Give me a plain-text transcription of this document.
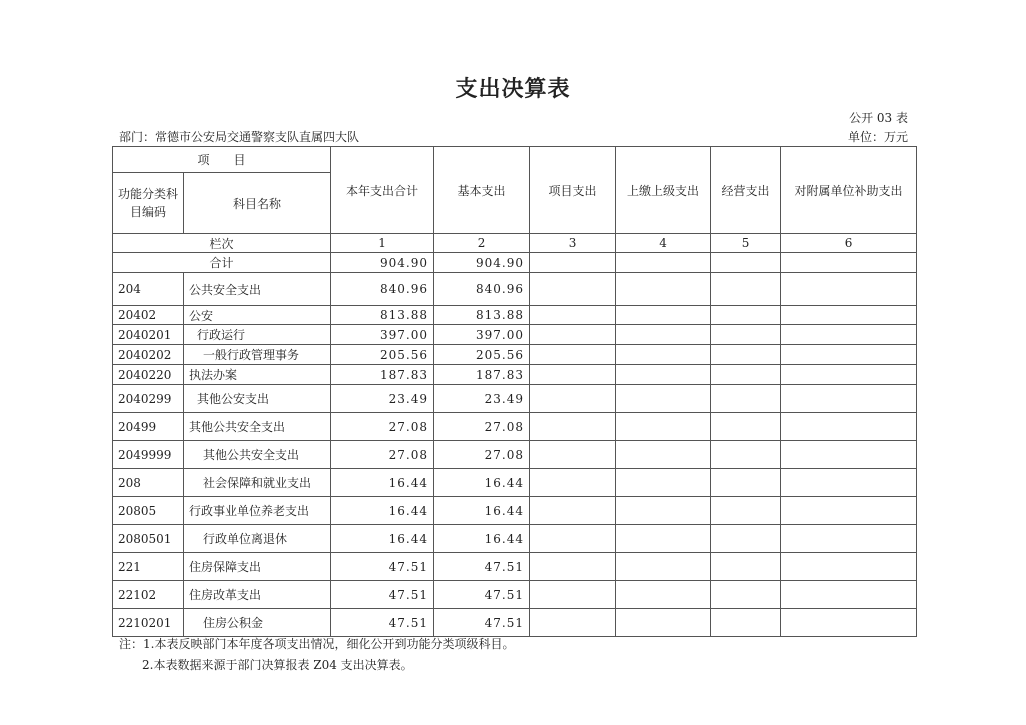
支出决算表
公开 03 表
部门：常德市公安局交通警察支队直属四大队	单位：万元
项　　目		本年支出合计	基本支出	项目支出	上缴上级支出	经营支出	对附属单位补助支出
功能分类科目编码	科目名称						
栏次		1	2	3	4	5	6
合计		904.90	904.90				
204	公共安全支出	840.96	840.96				
20402	公安	813.88	813.88				
2040201	行政运行	397.00	397.00				
2040202	一般行政管理事务	205.56	205.56				
2040220	执法办案	187.83	187.83				
2040299	其他公安支出	23.49	23.49				
20499	其他公共安全支出	27.08	27.08				
2049999	其他公共安全支出	27.08	27.08				
208	社会保障和就业支出	16.44	16.44				
20805	行政事业单位养老支出	16.44	16.44				
2080501	行政单位离退休	16.44	16.44				
221	住房保障支出	47.51	47.51				
22102	住房改革支出	47.51	47.51				
2210201	住房公积金	47.51	47.51				
注：1.本表反映部门本年度各项支出情况，细化公开到功能分类项级科目。
2.本表数据来源于部门决算报表 Z04 支出决算表。
